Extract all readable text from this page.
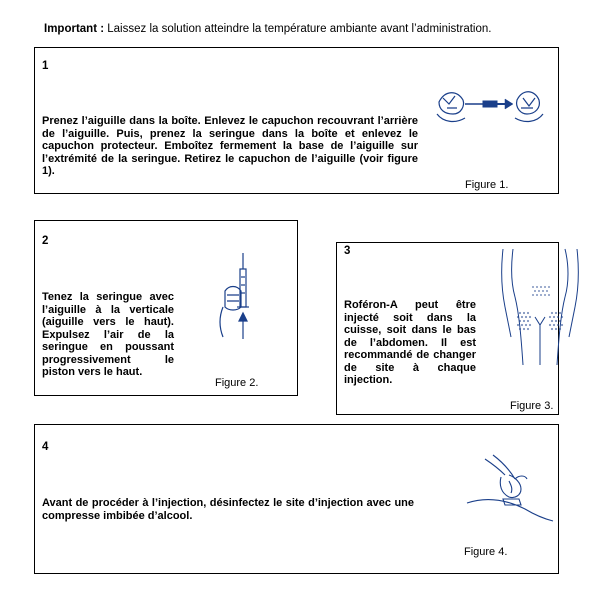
Important : Laissez la solution atteindre la température ambiante avant l’administration.
1
Prenez l’aiguille dans la boîte. Enlevez le capuchon recouvrant l’arrière de l’aiguille. Puis, prenez la seringue dans la boîte et enlevez le capuchon protecteur. Emboîtez fermement la base de l’aiguille sur l’extrémité de la seringue. Retirez le capuchon de l’aiguille (voir figure 1).
Figure 1.
2
Tenez la seringue avec l’aiguille à la verticale (aiguille vers le haut). Expulsez l’air de la seringue en poussant progressivement le piston vers le haut.
Figure 2.
3
Roféron-A peut être injecté soit dans la cuisse, soit dans le bas de l’abdomen. Il est recommandé de changer de site à chaque injection.
Figure 3.
4
Avant de procéder à l’injection, désinfectez le site d’injection avec une compresse imbibée d’alcool.
Figure 4.
